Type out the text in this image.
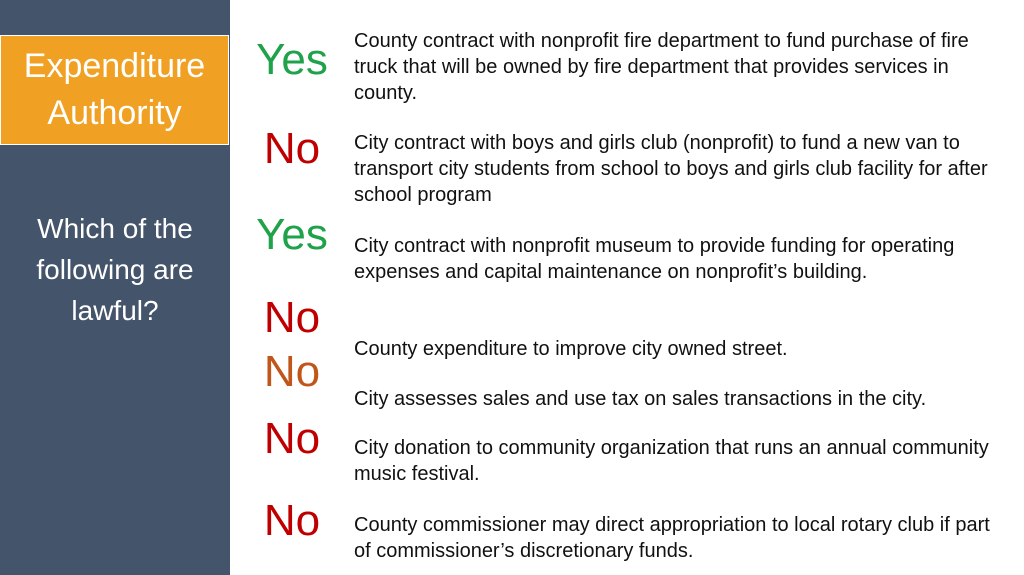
Expenditure Authority
Which of the following are lawful?
Yes
No
Yes
No
No
No
No
County contract with nonprofit fire department to fund purchase of fire truck that will be owned by fire department that provides services in county.
City contract with boys and girls club (nonprofit) to fund a new van to transport city students from school to boys and girls club facility for after school program
City contract with nonprofit museum to provide funding for operating expenses and capital maintenance on nonprofit’s building.
County expenditure to improve city owned street.
City assesses sales and use tax on sales transactions in the city.
City donation to community organization that runs an annual community music festival.
County commissioner may direct appropriation to local rotary club if part of commissioner’s discretionary funds.
